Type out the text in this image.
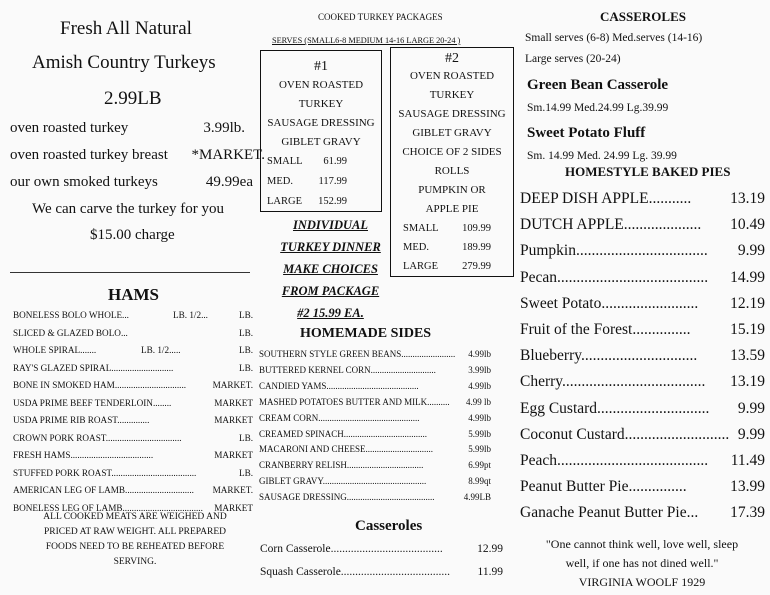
Fresh All Natural
Amish Country Turkeys
2.99LB
oven roasted turkey	3.99lb.
oven roasted turkey breast *MARKET.
our own smoked turkeys	49.99ea
We can carve the turkey for you
$15.00 charge
HAMS
BONELESS BOLO WHOLE...	LB. 1/2...	LB.
SLICED & GLAZED BOLO...	LB.
WHOLE SPIRAL.......	LB. 1/2.....	LB.
RAY'S GLAZED SPIRAL...........................	LB.
BONE IN SMOKED HAM...............................	MARKET.
USDA PRIME BEEF TENDERLOIN........	MARKET
USDA PRIME RIB ROAST..............	MARKET
CROWN PORK ROAST.................................	LB.
FRESH HAMS....................................	MARKET
STUFFED PORK ROAST.....................................	LB.
AMERICAN LEG OF LAMB.............................. MARKET.
BONELESS LEG OF LAMB................................... MARKET
ALL COOKED MEATS ARE WEIGHED AND
PRICED AT RAW WEIGHT. ALL PREPARED
FOODS NEED TO BE REHEATED BEFORE
SERVING.
COOKED TURKEY PACKAGES
SERVES (SMALL6-8 MEDIUM 14-16 LARGE 20-24 )
#1
OVEN ROASTED
TURKEY
SAUSAGE DRESSING
GIBLET GRAVY
SMALL 61.99
MED. 117.99
LARGE 152.99
#2
OVEN ROASTED
TURKEY
SAUSAGE DRESSING
GIBLET GRAVY
CHOICE OF 2 SIDES
ROLLS
PUMPKIN OR
APPLE PIE
SMALL 109.99
MED.	189.99
LARGE 279.99
INDIVIDUAL
TURKEY DINNER
MAKE CHOICES
FROM PACKAGE
#2 15.99 EA.
HOMEMADE SIDES
SOUTHERN STYLE GREEN BEANS........................ 4.99lb
BUTTERED KERNEL CORN.............................	3.99lb
CANDIED YAMS.........................................	4.99lb
MASHED POTATOES BUTTER AND MILK.......... 4.99 lb
CREAM CORN.............................................	4.99lb
CREAMED SPINACH.....................................	5.99lb
MACARONI AND CHEESE..............................	5.99lb
CRANBERRY RELISH..................................	6.99pt
GIBLET GRAVY..............................................	8.99qt
SAUSAGE DRESSING.......................................	4.99LB
Casseroles
Corn Casserole.......................................	12.99
Squash Casserole...................................... 11.99
CASSEROLES
Small serves (6-8) Med.serves (14-16)
Large serves (20-24)
Green Bean Casserole
Sm.14.99 Med.24.99 Lg.39.99
Sweet Potato Fluff
Sm. 14.99 Med. 24.99 Lg. 39.99
HOMESTYLE BAKED PIES
DEEP DISH APPLE...........	13.19
DUTCH APPLE.................... 10.49
Pumpkin.................................. 9.99
Pecan....................................... 14.99
Sweet Potato......................... 12.19
Fruit of the Forest...............	15.19
Blueberry.............................. 13.59
Cherry..................................... 13.19
Egg Custard............................. 9.99
Coconut Custard........................... 9.99
Peach....................................... 11.49
Peanut Butter Pie...............	13.99
Ganache Peanut Butter Pie... 17.39
"One cannot think well, love well, sleep
well, if one has not dined well."
VIRGINIA WOOLF 1929
